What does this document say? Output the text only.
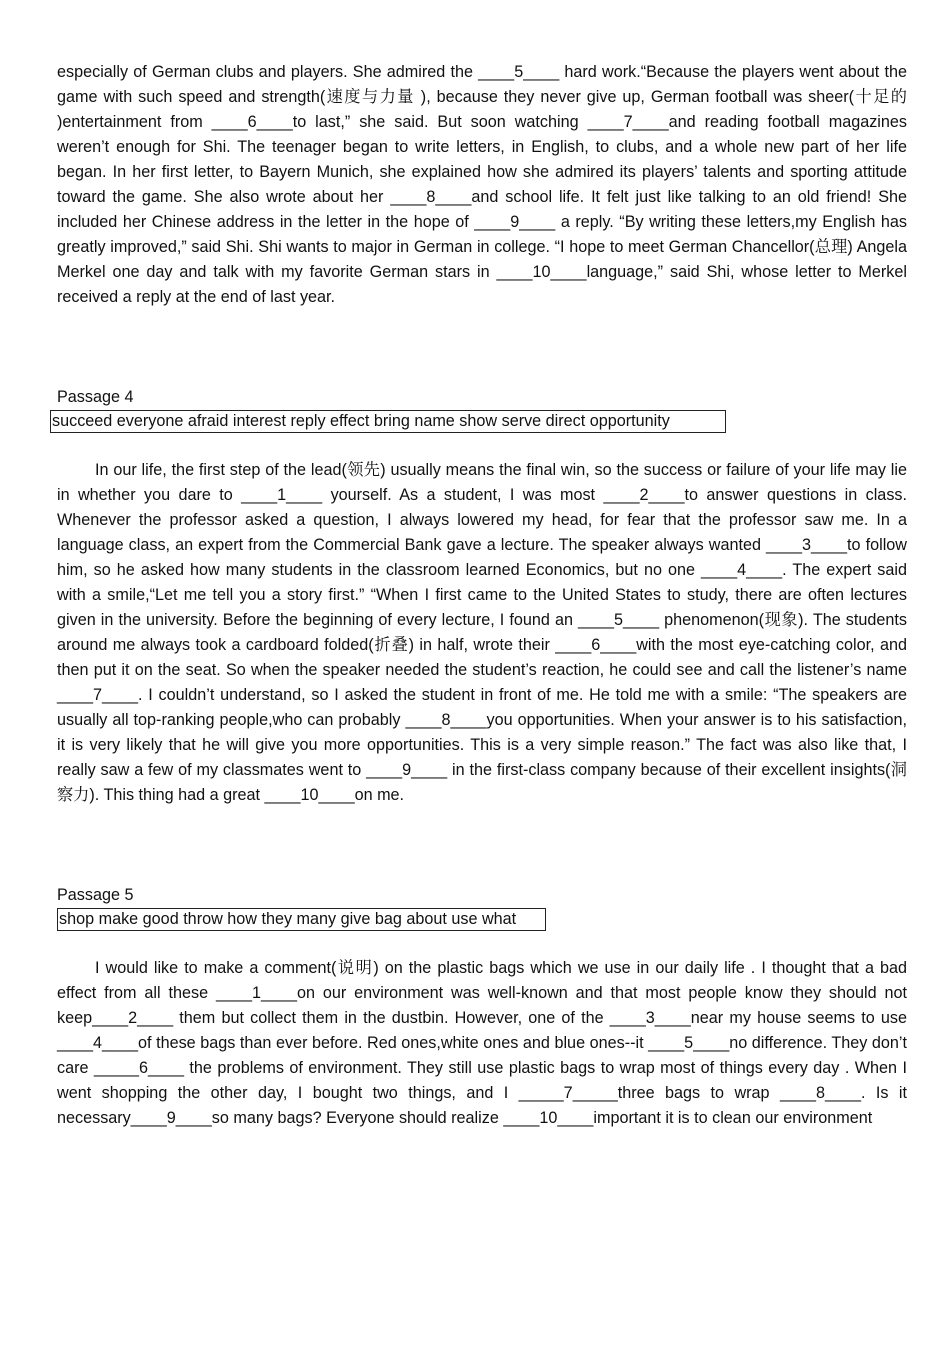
especially of German clubs and players. She admired the ____5____ hard work.“Because the players went about the game with such speed and strength(速度与力量 ), because they never give up, German football was sheer(十足的 )entertainment from ____6____to last,” she said. But soon watching ____7____and reading football magazines weren’t enough for Shi. The teenager began to write letters, in English, to clubs, and a whole new part of her life began. In her first letter, to Bayern Munich, she explained how she admired its players’ talents and sporting attitude toward the game. She also wrote about her ____8____and school life. It felt just like talking to an old friend! She included her Chinese address in the letter in the hope of ____9____ a reply. “By writing these letters,my English has greatly improved,” said Shi. Shi wants to major in German in college. “I hope to meet German Chancellor(总理) Angela Merkel one day and talk with my favorite German stars in ____10____language,” said Shi, whose letter to Merkel received a reply at the end of last year.

Passage 4

succeed everyone afraid interest reply effect bring name show serve direct opportunity

In our life, the first step of the lead(领先) usually means the final win, so the success or failure of your life may lie in whether you dare to ____1____ yourself. As a student, I was most ____2____to answer questions in class. Whenever the professor asked a question, I always lowered my head, for fear that the professor saw me. In a language class, an expert from the Commercial Bank gave a lecture. The speaker always wanted ____3____to follow him, so he asked how many students in the classroom learned Economics, but no one ____4____. The expert said with a smile,“Let me tell you a story first.” “When I first came to the United States to study, there are often lectures given in the university. Before the beginning of every lecture, I found an ____5____ phenomenon(现象). The students around me always took a cardboard folded(折叠) in half, wrote their ____6____with the most eye-catching color, and then put it on the seat. So when the speaker needed the student’s reaction, he could see and call the listener’s name ____7____. I couldn’t understand, so I asked the student in front of me. He told me with a smile: “The speakers are usually all top-ranking people,who can probably ____8____you opportunities. When your answer is to his satisfaction, it is very likely that he will give you more opportunities. This is a very simple reason.” The fact was also like that, I really saw a few of my classmates went to ____9____ in the first-class company because of their excellent insights(洞察力). This thing had a great ____10____on me.

Passage 5

shop make good throw how they many give bag about use what

I would like to make a comment(说明) on the plastic bags which we use in our daily life . I thought that a bad effect from all these ____1____on our environment was well-known and that most people know they should not keep____2____ them but collect them in the dustbin. However, one of the ____3____near my house seems to use ____4____of these bags than ever before. Red ones,white ones and blue ones--it ____5____no difference. They don’t care _____6____ the problems of environment. They still use plastic bags to wrap most of things every day . When I went shopping the other day, I bought two things, and I _____7_____three bags to wrap ____8____. Is it necessary____9____so many bags? Everyone should realize ____10____important it is to clean our environment
